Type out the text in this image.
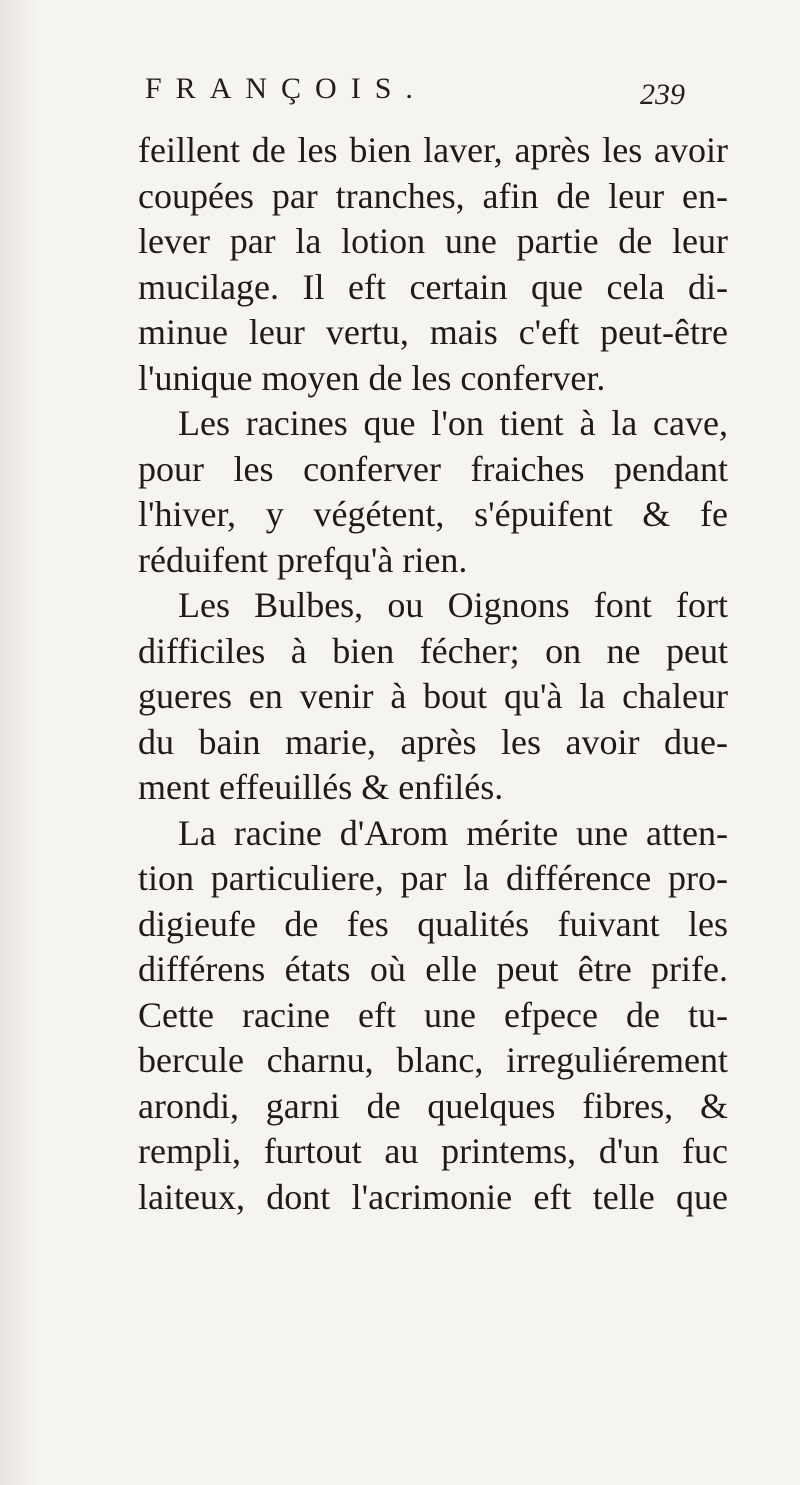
FRANÇOIS.	239
feillent de les bien laver, après les avoir
coupées par tranches, afin de leur en-
lever par la lotion une partie de leur
mucilage. Il eft certain que cela di-
minue leur vertu, mais c'eft peut-être
l'unique moyen de les conferver.
Les racines que l'on tient à la cave,
pour les conferver fraiches pendant
l'hiver, y végétent, s'épuifent & fe
réduifent prefqu'à rien.
Les Bulbes, ou Oignons font fort
difficiles à bien fécher; on ne peut
gueres en venir à bout qu'à la chaleur
du bain marie, après les avoir due-
ment effeuillés & enfilés.
La racine d'Arom mérite une atten-
tion particuliere, par la différence pro-
digieufe de fes qualités fuivant les
différens états où elle peut être prife.
Cette racine eft une efpece de tu-
bercule charnu, blanc, irreguliérement
arondi, garni de quelques fibres, &
rempli, furtout au printems, d'un fuc
laiteux, dont l'acrimonie eft telle que
